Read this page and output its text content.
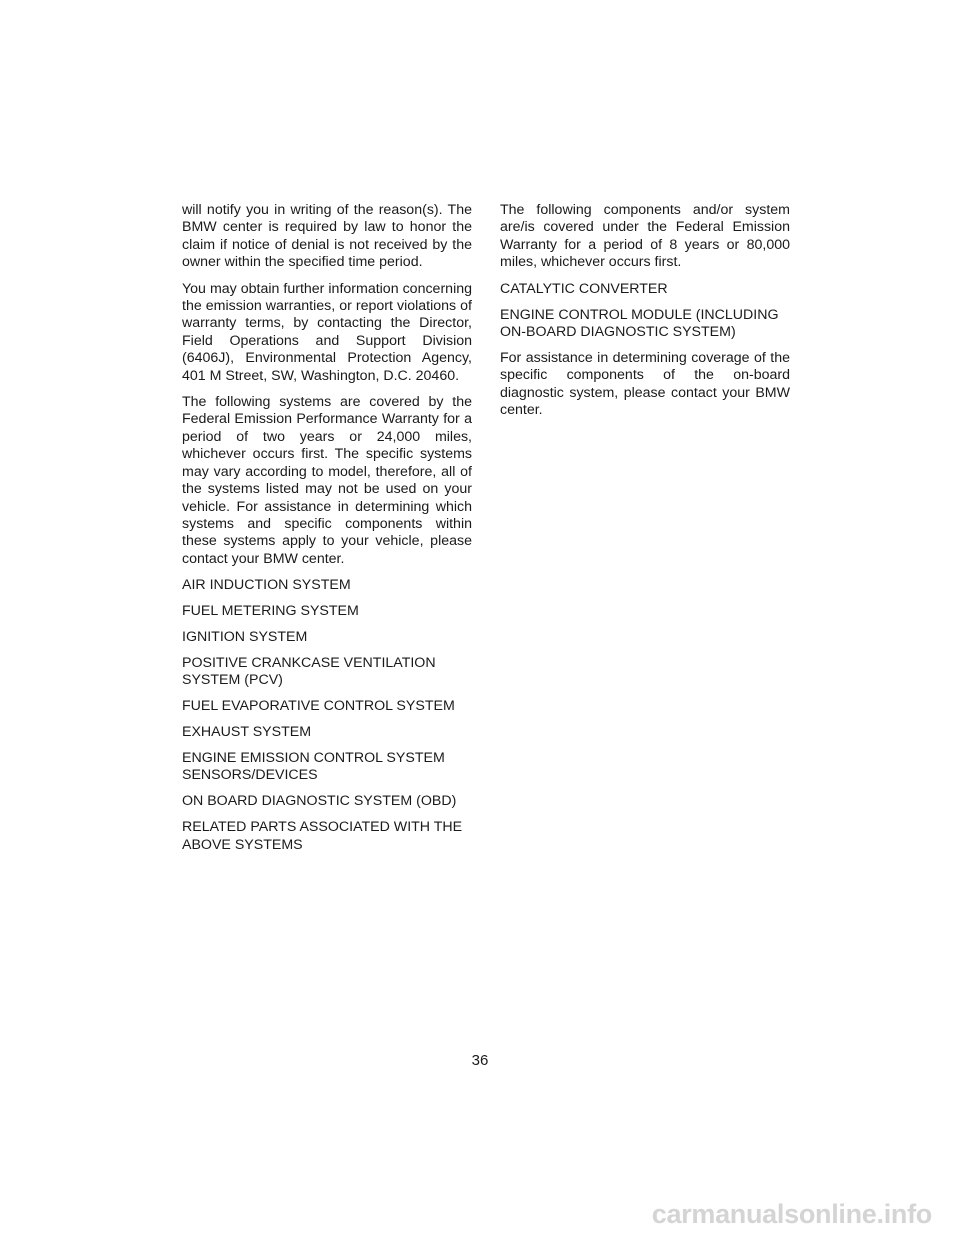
will notify you in writing of the reason(s). The BMW center is required by law to honor the claim if notice of denial is not received by the owner within the specified time period.

You may obtain further information concerning the emission warranties, or report violations of warranty terms, by contacting the Director, Field Operations and Support Division (6406J), Environmental Protection Agency, 401 M Street, SW, Washington, D.C. 20460.

The following systems are covered by the Federal Emission Performance Warranty for a period of two years or 24,000 miles, whichever occurs first. The specific systems may vary according to model, therefore, all of the systems listed may not be used on your vehicle. For assistance in determining which systems and specific components within these systems apply to your vehicle, please contact your BMW center.

AIR INDUCTION SYSTEM

FUEL METERING SYSTEM

IGNITION SYSTEM

POSITIVE CRANKCASE VENTILATION
SYSTEM (PCV)

FUEL EVAPORATIVE CONTROL SYSTEM

EXHAUST SYSTEM

ENGINE EMISSION CONTROL SYSTEM
SENSORS/DEVICES

ON BOARD DIAGNOSTIC SYSTEM (OBD)

RELATED PARTS ASSOCIATED WITH THE
ABOVE SYSTEMS

The following components and/or system are/is covered under the Federal Emission Warranty for a period of 8 years or 80,000 miles, whichever occurs first.

CATALYTIC CONVERTER

ENGINE CONTROL MODULE (INCLUDING
ON-BOARD DIAGNOSTIC SYSTEM)

For assistance in determining coverage of the specific components of the on-board diagnostic system, please contact your BMW center.

36
carmanualsonline.info
